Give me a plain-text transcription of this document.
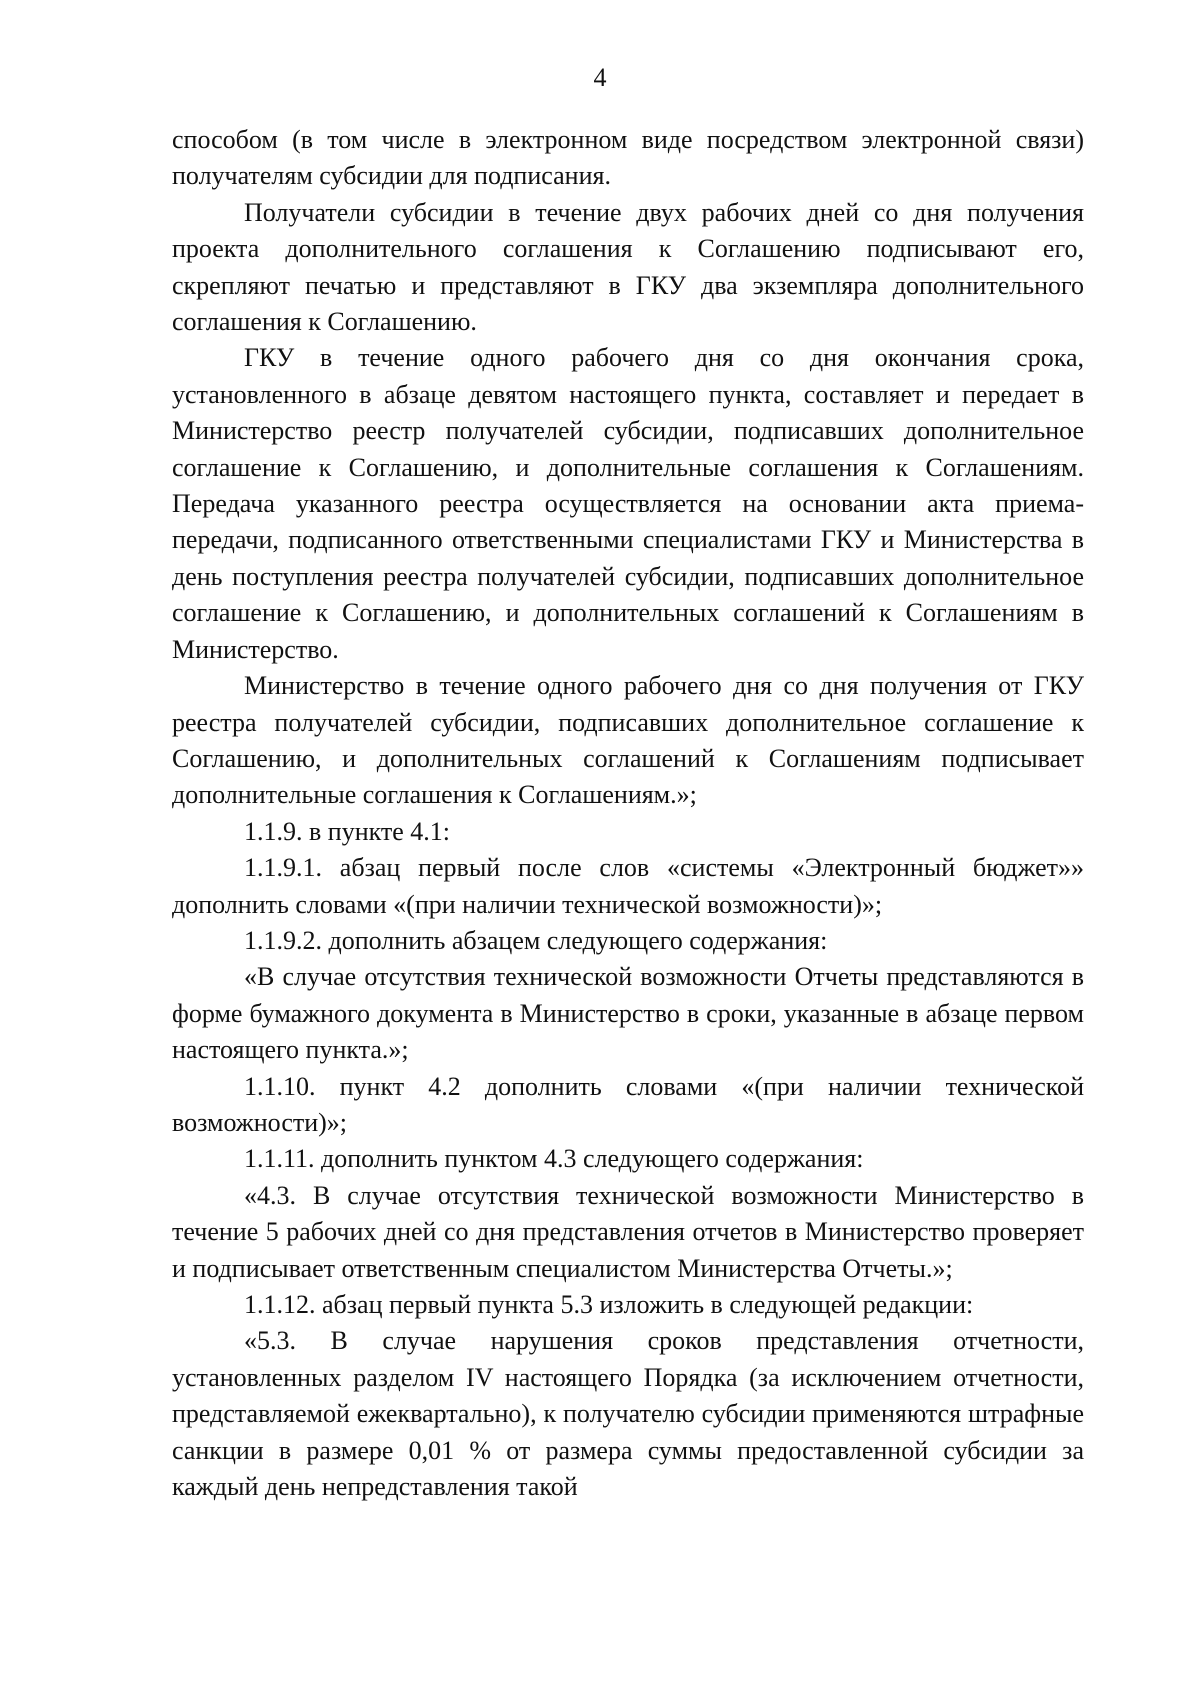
4

способом (в том числе в электронном виде посредством электронной связи) получателям субсидии для подписания.

Получатели субсидии в течение двух рабочих дней со дня получения проекта дополнительного соглашения к Соглашению подписывают его, скрепляют печатью и представляют в ГКУ два экземпляра дополнительного соглашения к Соглашению.

ГКУ в течение одного рабочего дня со дня окончания срока, установленного в абзаце девятом настоящего пункта, составляет и передает в Министерство реестр получателей субсидии, подписавших дополнительное соглашение к Соглашению, и дополнительные соглашения к Соглашениям. Передача указанного реестра осуществляется на основании акта приема-передачи, подписанного ответственными специалистами ГКУ и Министерства в день поступления реестра получателей субсидии, подписавших дополнительное соглашение к Соглашению, и дополнительных соглашений к Соглашениям в Министерство.

Министерство в течение одного рабочего дня со дня получения от ГКУ реестра получателей субсидии, подписавших дополнительное соглашение к Соглашению, и дополнительных соглашений к Соглашениям подписывает дополнительные соглашения к Соглашениям.»;

1.1.9. в пункте 4.1:

1.1.9.1. абзац первый после слов «системы «Электронный бюджет»» дополнить словами «(при наличии технической возможности)»;

1.1.9.2. дополнить абзацем следующего содержания:

«В случае отсутствия технической возможности Отчеты представляются в форме бумажного документа в Министерство в сроки, указанные в абзаце первом настоящего пункта.»;

1.1.10. пункт 4.2 дополнить словами «(при наличии технической возможности)»;

1.1.11. дополнить пунктом 4.3 следующего содержания:

«4.3. В случае отсутствия технической возможности Министерство в течение 5 рабочих дней со дня представления отчетов в Министерство проверяет и подписывает ответственным специалистом Министерства Отчеты.»;

1.1.12. абзац первый пункта 5.3 изложить в следующей редакции:

«5.3. В случае нарушения сроков представления отчетности, установленных разделом IV настоящего Порядка (за исключением отчетности, представляемой ежеквартально), к получателю субсидии применяются штрафные санкции в размере 0,01 % от размера суммы предоставленной субсидии за каждый день непредставления такой
